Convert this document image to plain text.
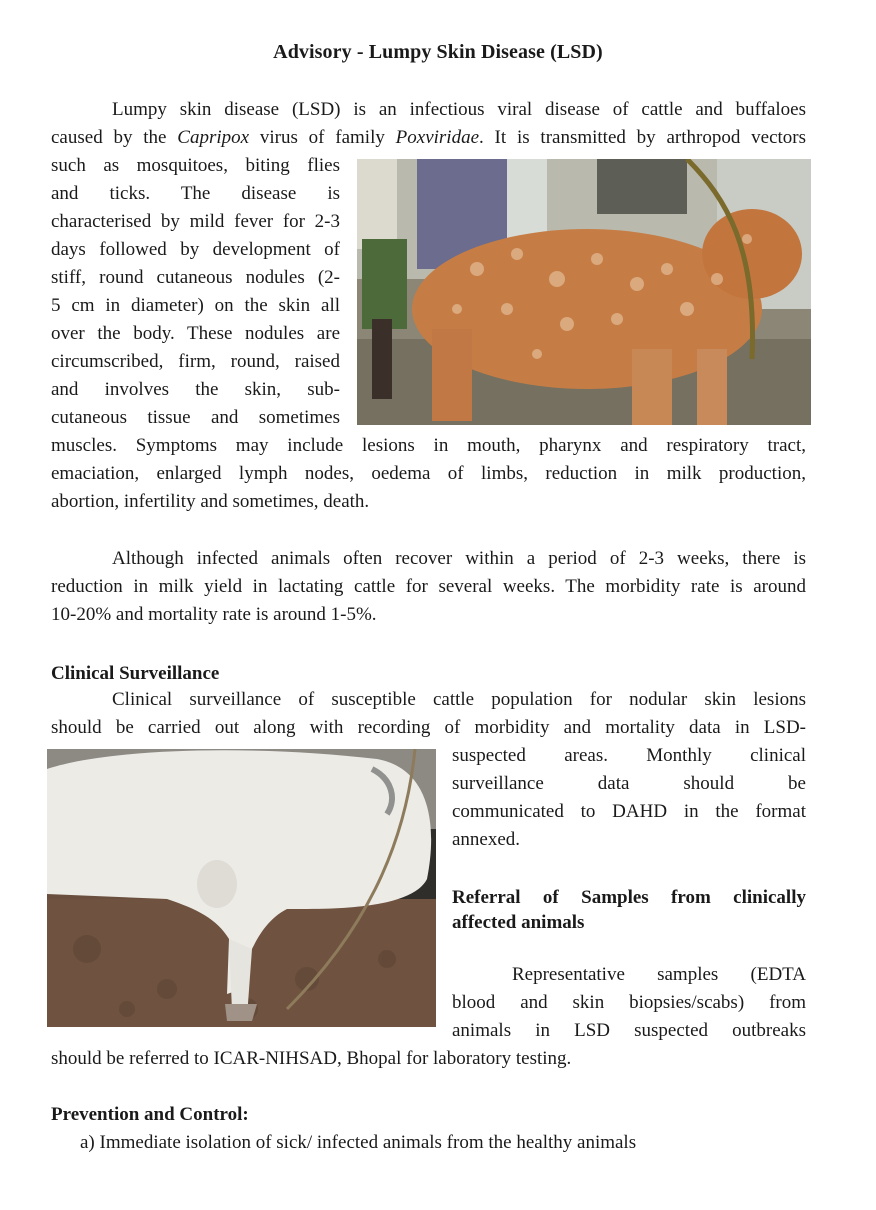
Advisory - Lumpy Skin Disease (LSD)
Lumpy skin disease (LSD) is an infectious viral disease of cattle and buffaloes
caused by the Capripox virus of family Poxviridae. It is transmitted by arthropod vectors
such as mosquitoes, biting flies
and ticks. The disease is
characterised by mild fever for 2-3
days followed by development of
stiff, round cutaneous nodules (2-
5 cm in diameter) on the skin all
over the body. These nodules are
circumscribed, firm, round, raised
and involves the skin, sub-
cutaneous tissue and sometimes
muscles. Symptoms may include lesions in mouth, pharynx and respiratory tract,
emaciation, enlarged lymph nodes, oedema of limbs, reduction in milk production,
abortion, infertility and sometimes, death.
Although infected animals often recover within a period of 2-3 weeks, there is
reduction in milk yield in lactating cattle for several weeks. The morbidity rate is around
10-20% and mortality rate is around 1-5%.
Clinical Surveillance
Clinical surveillance of susceptible cattle population for nodular skin lesions
should be carried out along with recording of morbidity and mortality data in LSD-
suspected areas. Monthly clinical
surveillance data should be
communicated to DAHD in the format
annexed.
Referral of Samples from clinically
affected animals
Representative samples (EDTA
blood and skin biopsies/scabs) from
animals in LSD suspected outbreaks
should be referred to ICAR-NIHSAD, Bhopal for laboratory testing.
Prevention and Control:
a) Immediate isolation of sick/ infected animals from the healthy animals
